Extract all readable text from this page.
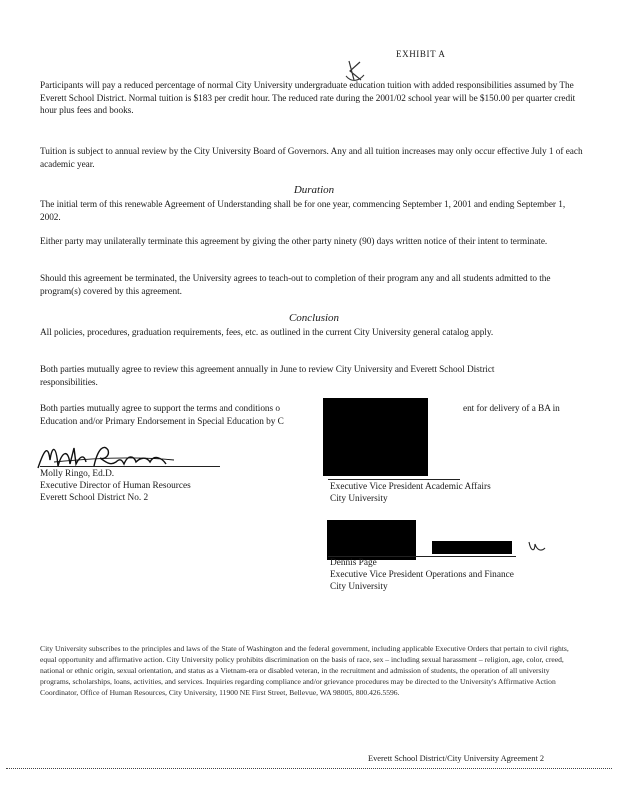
EXHIBIT A
Participants will pay a reduced percentage of normal City University undergraduate education tuition with added responsibilities assumed by The Everett School District. Normal tuition is $183 per credit hour. The reduced rate during the 2001/02 school year will be $150.00 per quarter credit hour plus fees and books.
Tuition is subject to annual review by the City University Board of Governors. Any and all tuition increases may only occur effective July 1 of each academic year.
Duration
The initial term of this renewable Agreement of Understanding shall be for one year, commencing September 1, 2001 and ending September 1, 2002.
Either party may unilaterally terminate this agreement by giving the other party ninety (90) days written notice of their intent to terminate.
Should this agreement be terminated, the University agrees to teach-out to completion of their program any and all students admitted to the program(s) covered by this agreement.
Conclusion
All policies, procedures, graduation requirements, fees, etc. as outlined in the current City University general catalog apply.
Both parties mutually agree to review this agreement annually in June to review City University and Everett School District responsibilities.
Both parties mutually agree to support the terms and conditions o	ent for delivery of a BA in
Education and/or Primary Endorsement in Special Education by C
Molly Ringo, Ed.D.
Executive Director of Human Resources
Everett School District No. 2
Executive Vice President Academic Affairs
City University
Dennis Page
Executive Vice President Operations and Finance
City University
City University subscribes to the principles and laws of the State of Washington and the federal government, including applicable Executive Orders that pertain to civil rights, equal opportunity and affirmative action. City University policy prohibits discrimination on the basis of race, sex – including sexual harassment – religion, age, color, creed, national or ethnic origin, sexual orientation, and status as a Vietnam-era or disabled veteran, in the recruitment and admission of students, the operation of all university programs, scholarships, loans, activities, and services. Inquiries regarding compliance and/or grievance procedures may be directed to the University's Affirmative Action Coordinator, Office of Human Resources, City University, 11900 NE First Street, Bellevue, WA 98005, 800.426.5596.
Everett School District/City University Agreement 2
